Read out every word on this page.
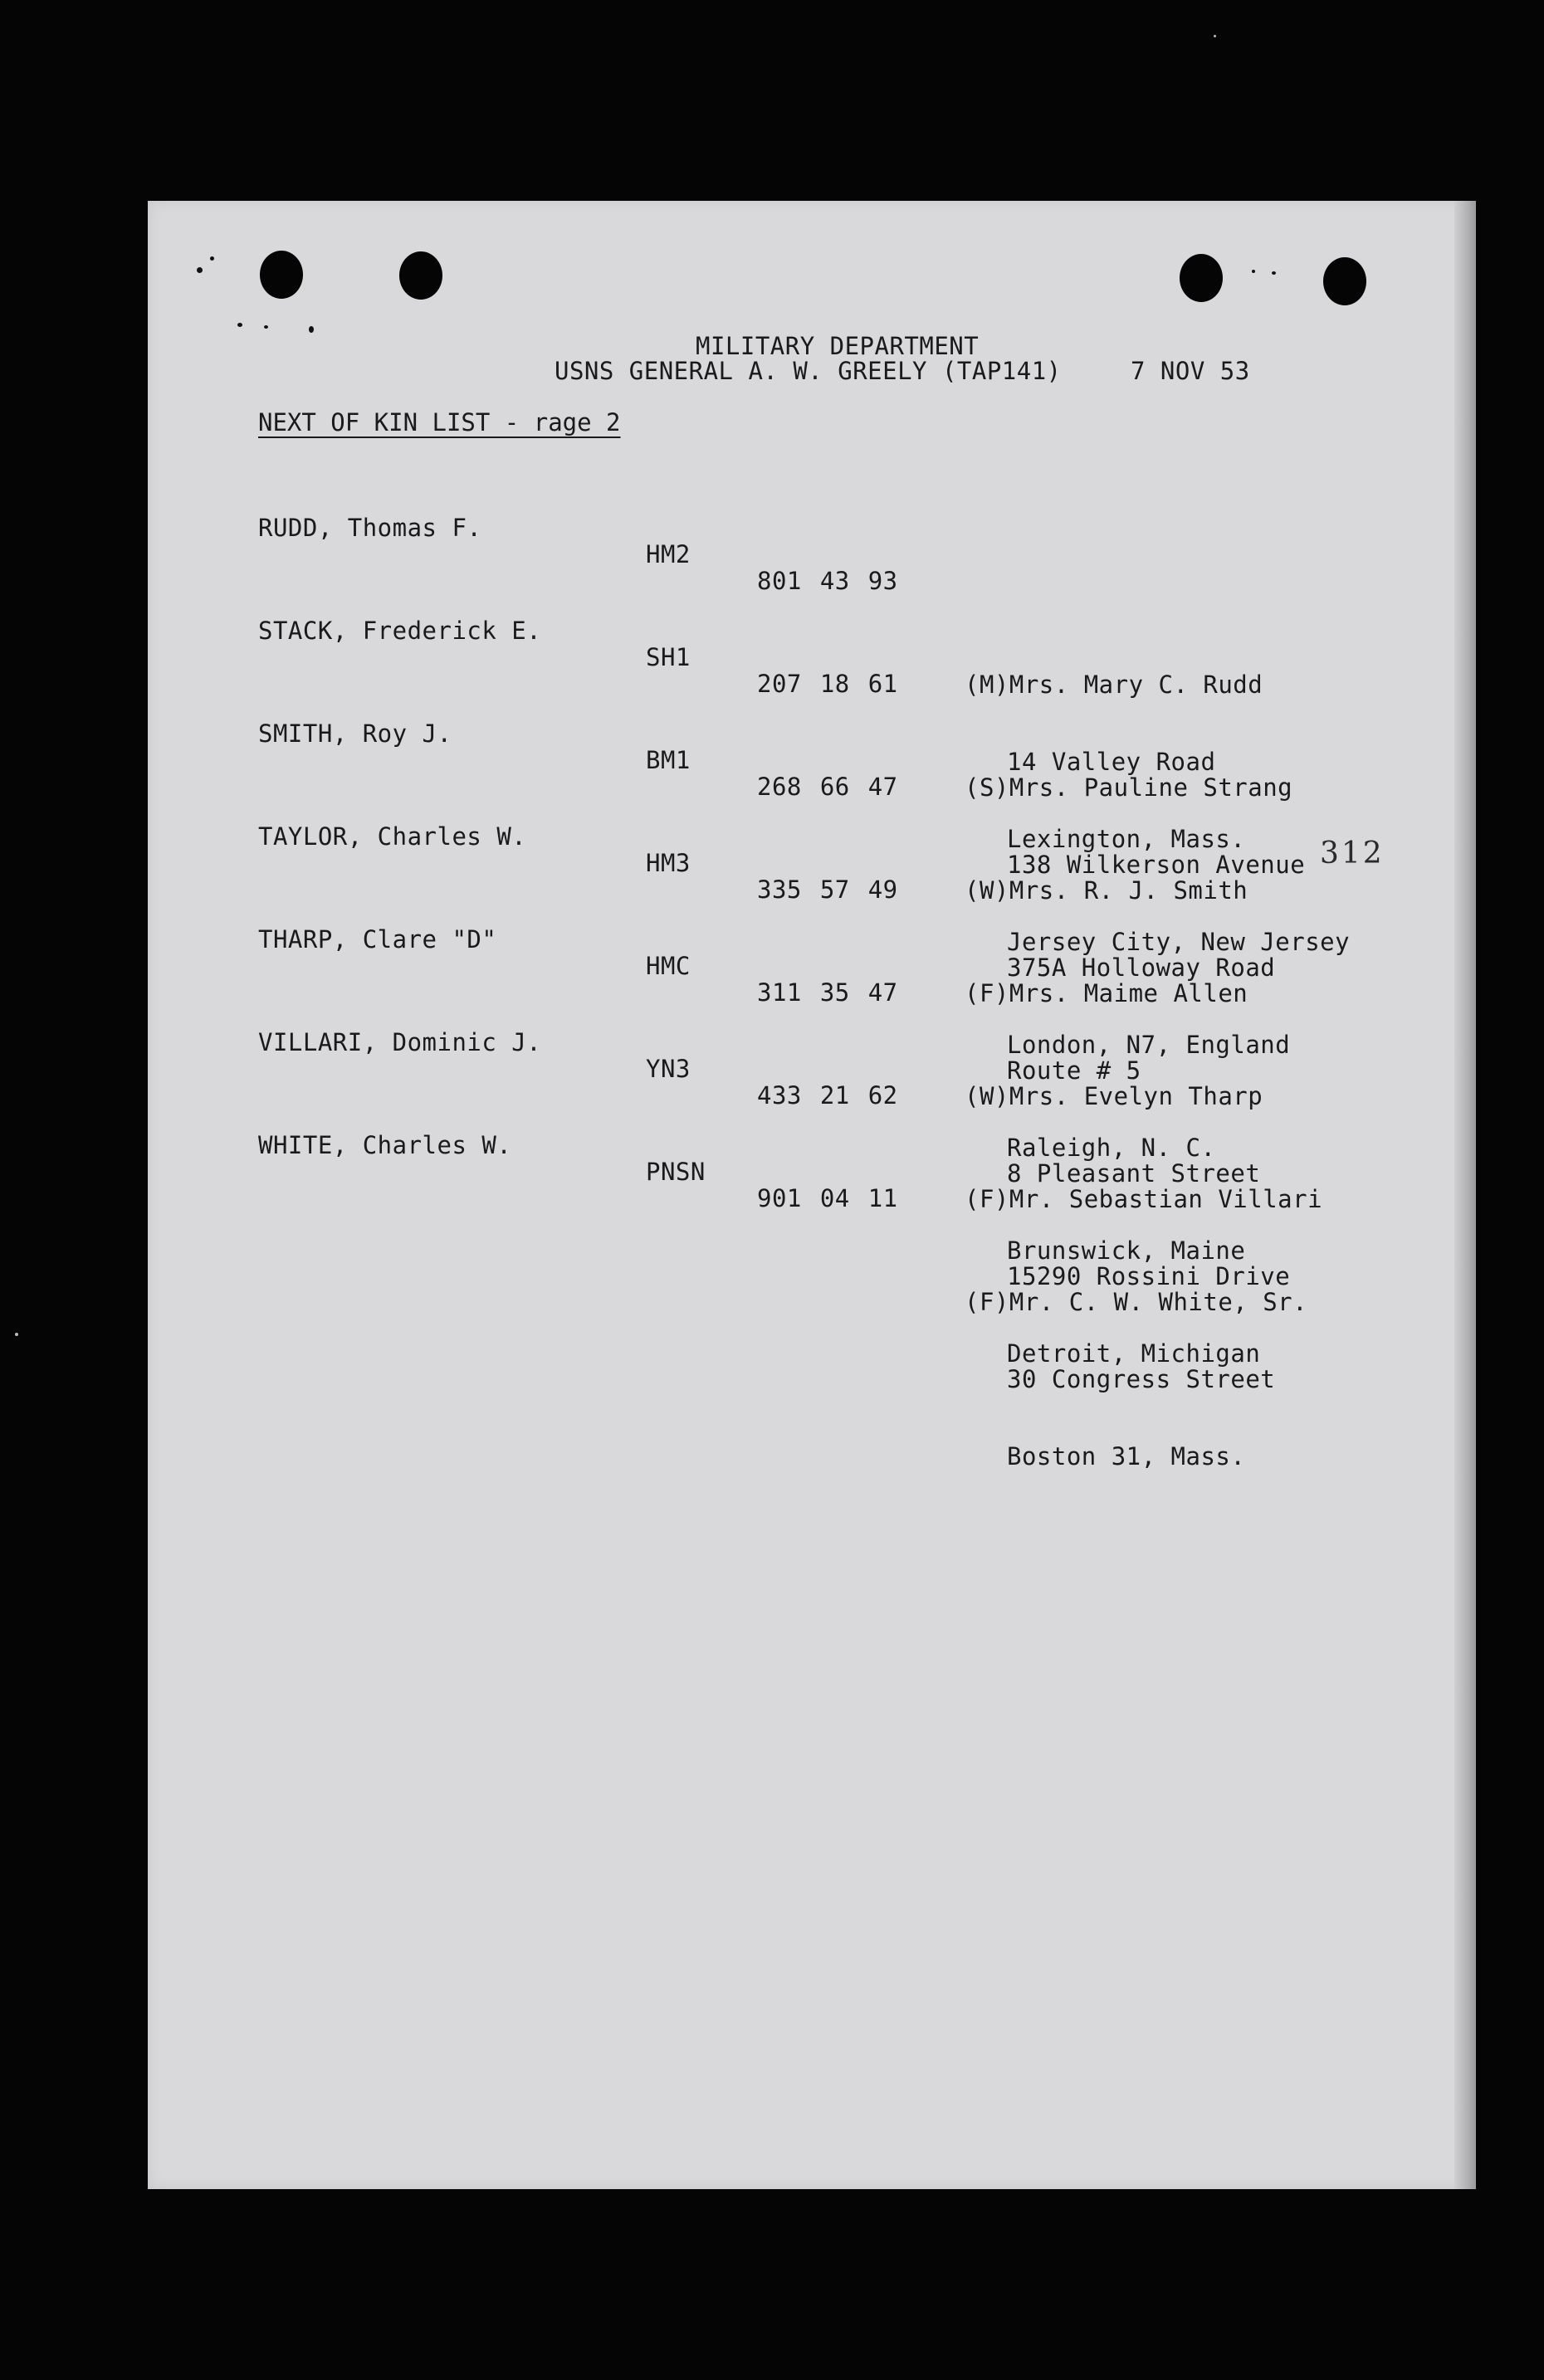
MILITARY DEPARTMENT
USNS GENERAL A. W. GREELY (TAP141)	7 NOV 53
NEXT OF KIN LIST - rage 2

RUDD, Thomas F.

HM2

801 43 93

(M)Mrs. Mary C. Rudd

14 Valley Road

Lexington, Mass.

STACK, Frederick E.

SH1

207 18 61

(S)Mrs. Pauline Strang

138 Wilkerson Avenue

Jersey City, New Jersey

SMITH, Roy J.

BM1

268 66 47

(W)Mrs. R. J. Smith

375A Holloway Road

London, N7, England

TAYLOR, Charles W.

HM3

335 57 49

(F)Mrs. Maime Allen

Route # 5

Raleigh, N. C.

THARP, Clare "D"

HMC

311 35 47

(W)Mrs. Evelyn Tharp

8 Pleasant Street

Brunswick, Maine

VILLARI, Dominic J.

YN3

433 21 62

(F)Mr. Sebastian Villari

15290 Rossini Drive

Detroit, Michigan

WHITE, Charles W.

PNSN

901 04 11

(F)Mr. C. W. White, Sr.

30 Congress Street

Boston 31, Mass.

312
